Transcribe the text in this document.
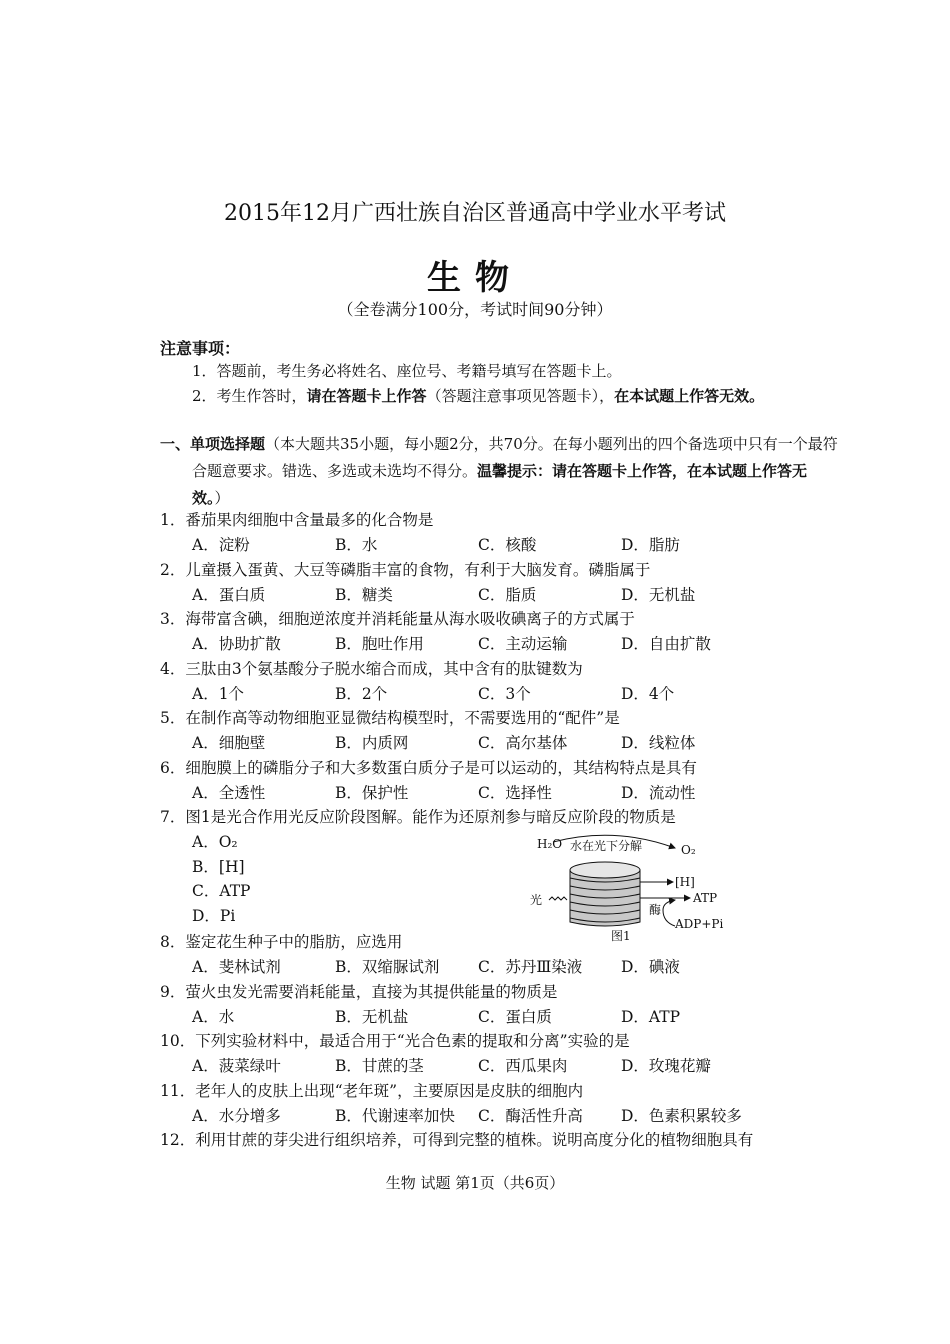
2015年12月广西壮族自治区普通高中学业水平考试
生物
（全卷满分100分，考试时间90分钟）
注意事项：
1．答题前，考生务必将姓名、座位号、考籍号填写在答题卡上。
2．考生作答时，请在答题卡上作答（答题注意事项见答题卡），在本试题上作答无效。
一、单项选择题（本大题共35小题，每小题2分，共70分。在每小题列出的四个备选项中只有一个最符合题意要求。错选、多选或未选均不得分。温馨提示：请在答题卡上作答，在本试题上作答无效。）
1．番茄果肉细胞中含量最多的化合物是
A．淀粉	B．水	C．核酸	D．脂肪
2．儿童摄入蛋黄、大豆等磷脂丰富的食物，有利于大脑发育。磷脂属于
A．蛋白质	B．糖类	C．脂质	D．无机盐
3．海带富含碘，细胞逆浓度并消耗能量从海水吸收碘离子的方式属于
A．协助扩散	B．胞吐作用	C．主动运输	D．自由扩散
4．三肽由3个氨基酸分子脱水缩合而成，其中含有的肽键数为
A．1个	B．2个	C．3个	D．4个
5．在制作高等动物细胞亚显微结构模型时，不需要选用的“配件”是
A．细胞壁	B．内质网	C．高尔基体	D．线粒体
6．细胞膜上的磷脂分子和大多数蛋白质分子是可以运动的，其结构特点是具有
A．全透性	B．保护性	C．选择性	D．流动性
7．图1是光合作用光反应阶段图解。能作为还原剂参与暗反应阶段的物质是
A．O₂
B．[H]
C．ATP
D．Pi
8．鉴定花生种子中的脂肪，应选用
A．斐林试剂	B．双缩脲试剂 C．苏丹Ⅲ染液 D．碘液
9．萤火虫发光需要消耗能量，直接为其提供能量的物质是
A．水	B．无机盐	C．蛋白质	D．ATP
10．下列实验材料中，最适合用于“光合色素的提取和分离”实验的是
A．菠菜绿叶	B．甘蔗的茎	C．西瓜果肉	D．玫瑰花瓣
11．老年人的皮肤上出现“老年斑”，主要原因是皮肤的细胞内
A．水分增多	B．代谢速率加快 C．酶活性升高 D．色素积累较多
12．利用甘蔗的芽尖进行组织培养，可得到完整的植株。说明高度分化的植物细胞具有
H₂O 水在光下分解	O₂
[H]
ATP
光
酶
ADP+Pi
图1
生物 试题 第1页（共6页）
